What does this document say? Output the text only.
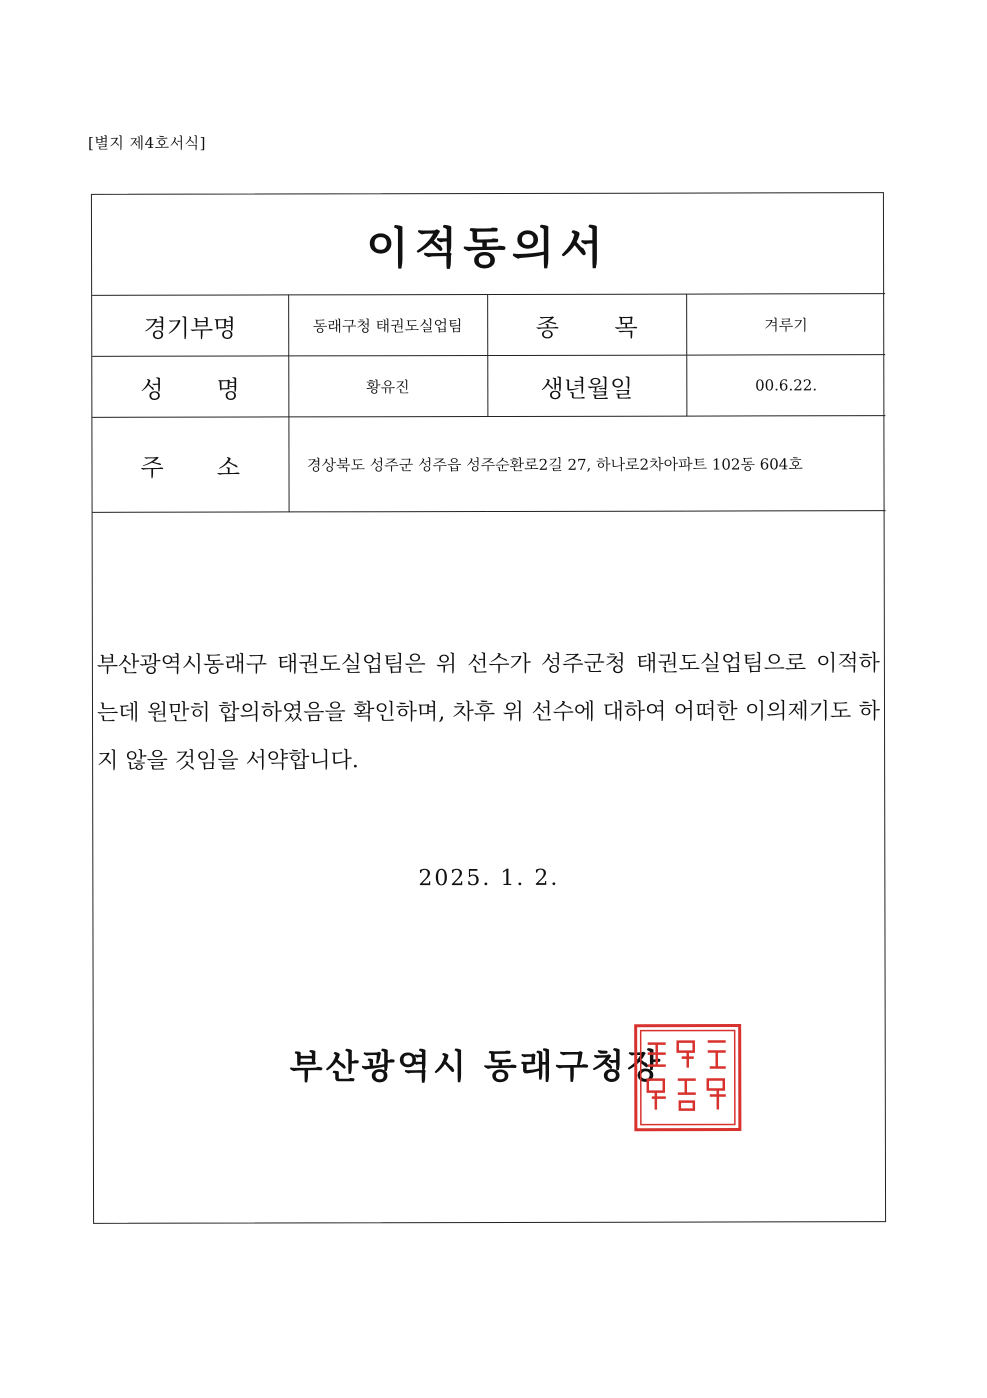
[별지 제4호서식]
이적동의서
경기부명	동래구청 태권도실업팀	종 목	겨루기

성 명	황유진	생년월일	00.6.22.

주 소	경상북도 성주군 성주읍 성주순환로2길 27, 하나로2차아파트 102동 604호		
부산광역시동래구 태권도실업팀은 위 선수가 성주군청 태권도실업팀으로 이적하는데 원만히 합의하였음을 확인하며, 차후 위 선수에 대하여 어떠한 이의제기도 하지 않을 것임을 서약합니다.
2025. 1. 2.
부산광역시 동래구청장
